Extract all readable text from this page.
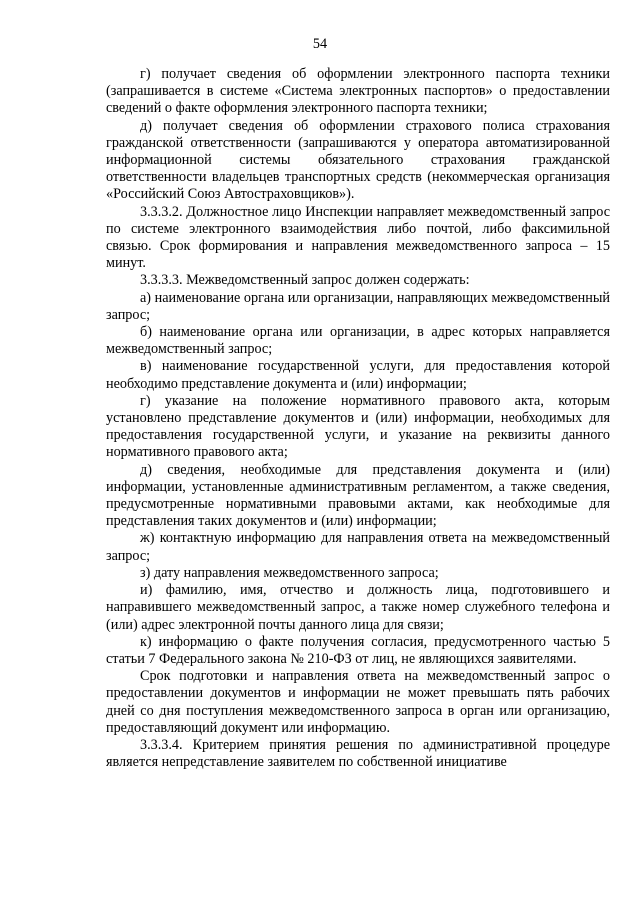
54

г) получает сведения об оформлении электронного паспорта техники (запрашивается в системе «Система электронных паспортов» о предоставлении сведений о факте оформления электронного паспорта техники;

д) получает сведения об оформлении страхового полиса страхования гражданской ответственности (запрашиваются у оператора автоматизированной информационной системы обязательного страхования гражданской ответственности владельцев транспортных средств (некоммерческая организация «Российский Союз Автостраховщиков»).

3.3.3.2. Должностное лицо Инспекции направляет межведомственный запрос по системе электронного взаимодействия либо почтой, либо факсимильной связью. Срок формирования и направления межведомственного запроса – 15 минут.

3.3.3.3. Межведомственный запрос должен содержать:

а) наименование органа или организации, направляющих межведомственный запрос;

б) наименование органа или организации, в адрес которых направляется межведомственный запрос;

в) наименование государственной услуги, для предоставления которой необходимо представление документа и (или) информации;

г) указание на положение нормативного правового акта, которым установлено представление документов и (или) информации, необходимых для предоставления государственной услуги, и указание на реквизиты данного нормативного правового акта;

д) сведения, необходимые для представления документа и (или) информации, установленные административным регламентом, а также сведения, предусмотренные нормативными правовыми актами, как необходимые для представления таких документов и (или) информации;

ж) контактную информацию для направления ответа на межведомственный запрос;

з) дату направления межведомственного запроса;

и) фамилию, имя, отчество и должность лица, подготовившего и направившего межведомственный запрос, а также номер служебного телефона и (или) адрес электронной почты данного лица для связи;

к) информацию о факте получения согласия, предусмотренного частью 5 статьи 7 Федерального закона № 210-ФЗ от лиц, не являющихся заявителями.

Срок подготовки и направления ответа на межведомственный запрос о предоставлении документов и информации не может превышать пять рабочих дней со дня поступления межведомственного запроса в орган или организацию, предоставляющий документ или информацию.

3.3.3.4. Критерием принятия решения по административной процедуре является непредставление заявителем по собственной инициативе
